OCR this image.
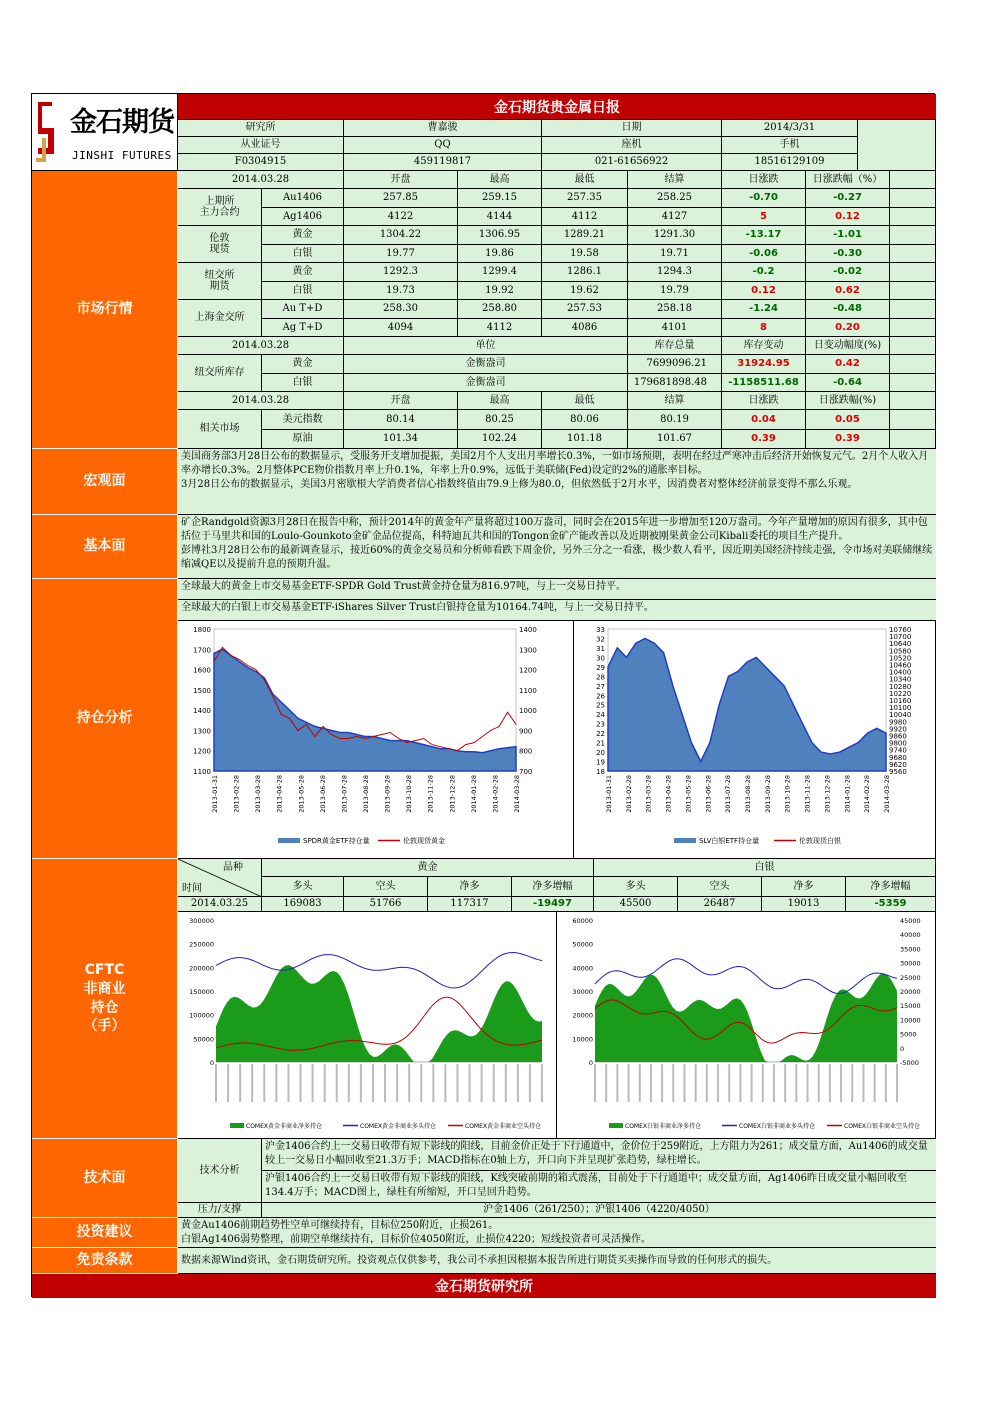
金石期货
JINSHI FUTURES
金石期货贵金属日报
研究所	曹嘉骏	日期	2014/3/31
从业证号	QQ	座机	手机
F0304915	459119817	021-61656922	18516129109
2014.03.28	开盘	最高	最低	结算	日涨跌	日涨跌幅（%）
上期所
主力合约
Au1406	257.85	259.15	257.35	258.25	-0.70	-0.27
Ag1406	4122	4144	4112	4127	5	0.12
伦敦
现货
黄金	1304.22	1306.95	1289.21	1291.30	-13.17	-1.01
白银	19.77	19.86	19.58	19.71	-0.06	-0.30
纽交所
期货
黄金	1292.3	1299.4	1286.1	1294.3	-0.2	-0.02
白银	19.73	19.92	19.62	19.79	0.12	0.62
上海金交所
Au T+D	258.30	258.80	257.53	258.18	-1.24	-0.48
Ag T+D	4094	4112	4086	4101	8	0.20
2014.03.28	单位	库存总量	库存变动	日变动幅度(%)
纽交所库存
黄金	金衡盎司	7699096.21	31924.95	0.42
白银	金衡盎司	179681898.48	-1158511.68	-0.64
2014.03.28	开盘	最高	最低	结算	日涨跌	日涨跌幅(%)
相关市场
美元指数	80.14	80.25	80.06	80.19	0.04	0.05
原油	101.34	102.24	101.18	101.67	0.39	0.39
市场行情
宏观面
基本面
持仓分析
CFTC
非商业
持仓
（手）
技术面
投资建议
免责条款
美国商务部3月28日公布的数据显示，受服务开支增加提振，美国2月个人支出月率增长0.3%，一如市场预期，表明在经过严寒冲击后经济开始恢复元气。2月个人收入月率亦增长0.3%。2月整体PCE物价指数月率上升0.1%，年率上升0.9%，远低于美联储(Fed)设定的2%的通胀率目标。
3月28日公布的数据显示，美国3月密歇根大学消费者信心指数终值由79.9上修为80.0，但依然低于2月水平，因消费者对整体经济前景变得不那么乐观。
矿企Randgold资源3月28日在报告中称，预计2014年的黄金年产量将超过100万盎司，同时会在2015年进一步增加至120万盎司。今年产量增加的原因有很多，其中包括位于马里共和国的Loulo-Gounkoto金矿金品位提高，科特迪瓦共和国的Tongon金矿产能改善以及近期被刚果黄金公司Kibali委托的项目生产提升。
彭博社3月28日公布的最新调查显示，接近60%的黄金交易员和分析师看跌下周金价，另外三分之一看涨，极少数人看平，因近期美国经济持续走强，令市场对美联储继续缩减QE以及提前升息的预期升温。
全球最大的黄金上市交易基金ETF-SPDR Gold Trust黄金持仓量为816.97吨，与上一交易日持平。
全球最大的白银上市交易基金ETF-iShares Silver Trust白银持仓量为10164.74吨，与上一交易日持平。
1800
1700
1600
1500
1400
1300
1200
1100
1400
1300
1200
1100
1000
900
800
700
2013-01-31 2013-02-28 2013-03-28 2013-04-28 2013-05-28 2013-06-28 2013-07-28 2013-08-28 2013-09-28 2013-10-28 2013-11-28 2013-12-28 2014-01-28 2014-02-28 2014-03-28
SPDR黄金ETF持仓量	伦敦现货黄金
33
32
31
30
29
28
27
26
25
24
23
22
21
20
19
18
10760
10700
10640
10580
10520
10460
10400
10340
10280
10220
10160
10100
10040
9980
9920
9860
9800
9740
9680
9620
9560
2013-01-31 2013-02-28 2013-03-28 2013-04-28 2013-05-28 2013-06-28 2013-07-28 2013-08-28 2013-09-28 2013-10-28 2013-11-28 2013-12-28 2014-01-28 2014-02-28 2014-03-28
SLV白银ETF持仓量	伦敦现货白银
品种
时间
黄金	白银
多头	空头	净多	净多增幅	多头	空头	净多	净多增幅
2014.03.25	169083	51766	117317	-19497	45500	26487	19013	-5359
300000
250000
200000
150000
100000
50000
0
COMEX黄金非商业净多持仓	COMEX黄金非商业多头持仓	COMEX黄金非商业空头持仓
60000
50000
40000
30000
20000
10000
0
45000
40000
35000
30000
25000
20000
15000
10000
5000
0
-5000
COMEX白银非商业净多持仓	COMEX白银非商业多头持仓	COMEX白银非商业空头持仓
技术分析
沪金1406合约上一交易日收带有短下影线的阳线，目前金价正处于下行通道中，金价位于259附近，上方阻力为261；成交量方面，Au1406的成交量较上一交易日小幅回收至21.3万手；MACD指标在0轴上方，开口向下并呈现扩张趋势，绿柱增长。
沪银1406合约上一交易日收带有短下影线的阳线，K线突破前期的箱式震荡，目前处于下行通道中；成交量方面，Ag1406昨日成交量小幅回收至134.4万手；MACD图上，绿柱有所缩短，开口呈回升趋势。
压力/支撑	沪金1406（261/250）；沪银1406（4220/4050）
黄金Au1406前期趋势性空单可继续持有，目标位250附近，止损261。
白银Ag1406弱势整理，前期空单继续持有，目标价位4050附近，止损位4220；短线投资者可灵活操作。
数据来源Wind资讯，金石期货研究所。投资观点仅供参考，我公司不承担因根据本报告所进行期货买卖操作而导致的任何形式的损失。
金石期货研究所
